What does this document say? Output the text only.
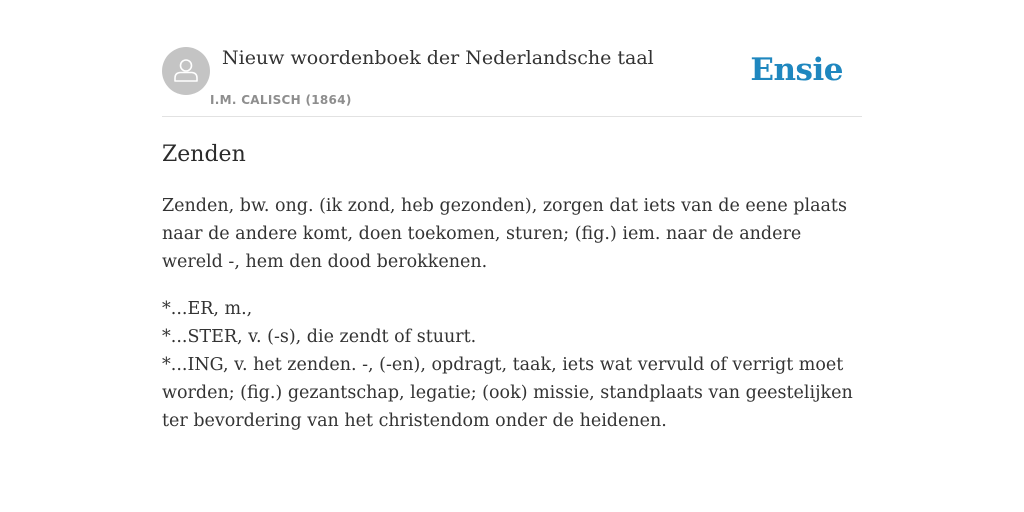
Nieuw woordenboek der Nederlandsche taal
I.M. CALISCH (1864)
Ensie
Zenden

Zenden, bw. ong. (ik zond, heb gezonden), zorgen dat iets van de eene plaats naar de andere komt, doen toekomen, sturen; (fig.) iem. naar de andere wereld -, hem den dood berokkenen.

*...ER, m.,
*...STER, v. (-s), die zendt of stuurt.
*...ING, v. het zenden. -, (-en), opdragt, taak, iets wat vervuld of verrigt moet worden; (fig.) gezantschap, legatie; (ook) missie, standplaats van geestelijken ter bevordering van het christendom onder de heidenen.
